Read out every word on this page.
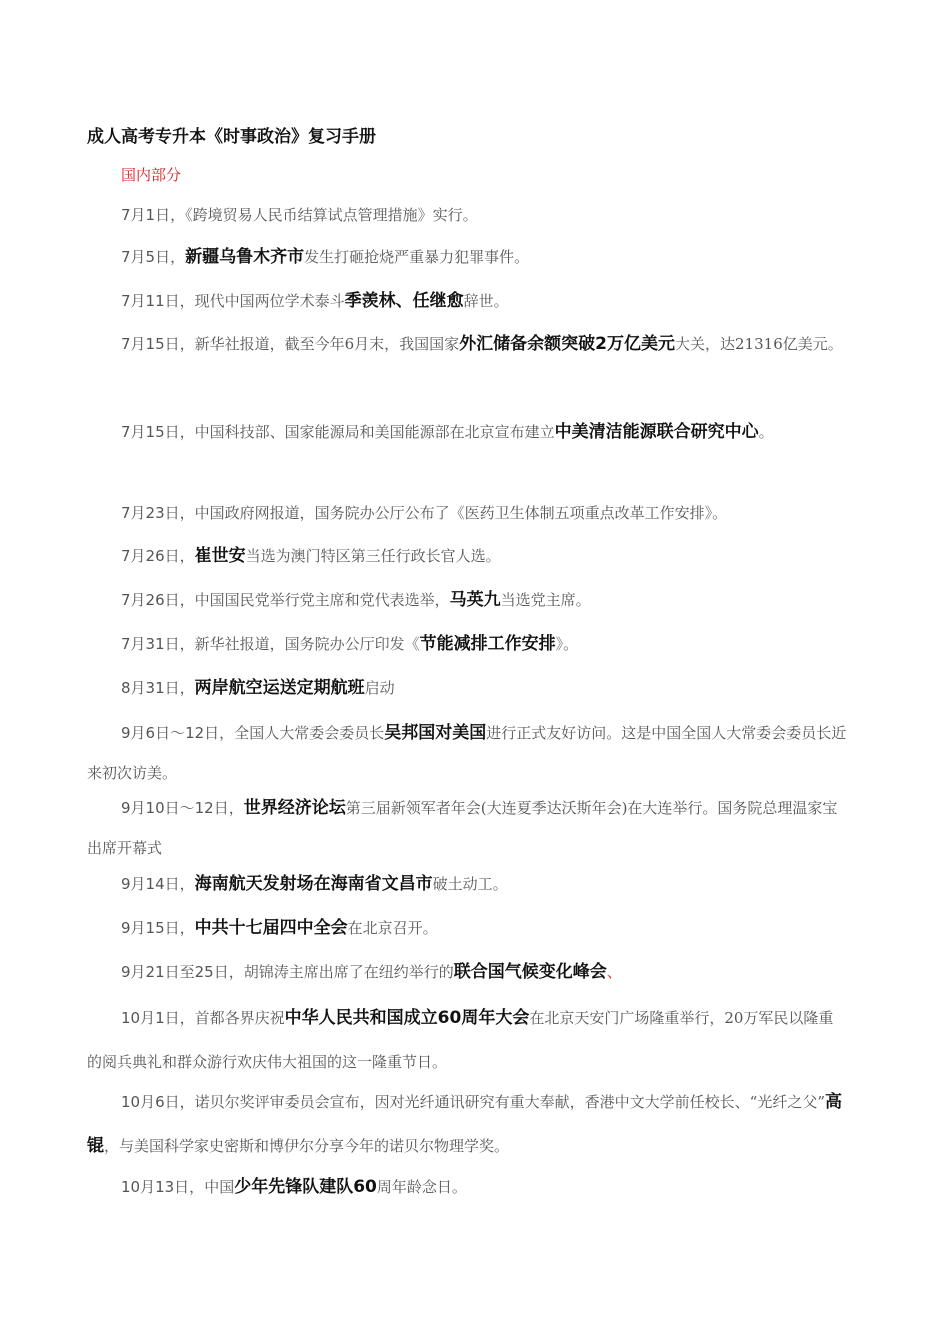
成人高考专升本《时事政治》复习手册
国内部分
7月1日，《跨境贸易人民币结算试点管理措施》实行。
7月5日，新疆乌鲁木齐市发生打砸抢烧严重暴力犯罪事件。
7月11日，现代中国两位学术泰斗季羡林、任继愈辞世。
7月15日，新华社报道，截至今年6月末，我国国家外汇储备余额突破2万亿美元大关，达21316亿美元。
7月15日，中国科技部、国家能源局和美国能源部在北京宣布建立中美清洁能源联合研究中心。
7月23日，中国政府网报道，国务院办公厅公布了《医药卫生体制五项重点改革工作安排》。
7月26日，崔世安当选为澳门特区第三任行政长官人选。
7月26日，中国国民党举行党主席和党代表选举，马英九当选党主席。
7月31日，新华社报道，国务院办公厅印发《节能减排工作安排》。
8月31日，两岸航空运送定期航班启动
9月6日～12日，全国人大常委会委员长吴邦国对美国进行正式友好访问。这是中国全国人大常委会委员长近来初次访美。
9月10日～12日，世界经济论坛第三届新领军者年会(大连夏季达沃斯年会)在大连举行。国务院总理温家宝出席开幕式
9月14日，海南航天发射场在海南省文昌市破土动工。
9月15日，中共十七届四中全会在北京召开。
9月21日至25日，胡锦涛主席出席了在纽约举行的联合国气候变化峰会、
10月1日，首都各界庆祝中华人民共和国成立60周年大会在北京天安门广场隆重举行，20万军民以隆重的阅兵典礼和群众游行欢庆伟大祖国的这一隆重节日。
10月6日，诺贝尔奖评审委员会宣布，因对光纤通讯研究有重大奉献，香港中文大学前任校长、“光纤之父”高锟，与美国科学家史密斯和博伊尔分享今年的诺贝尔物理学奖。
10月13日，中国少年先锋队建队60周年龄念日。
